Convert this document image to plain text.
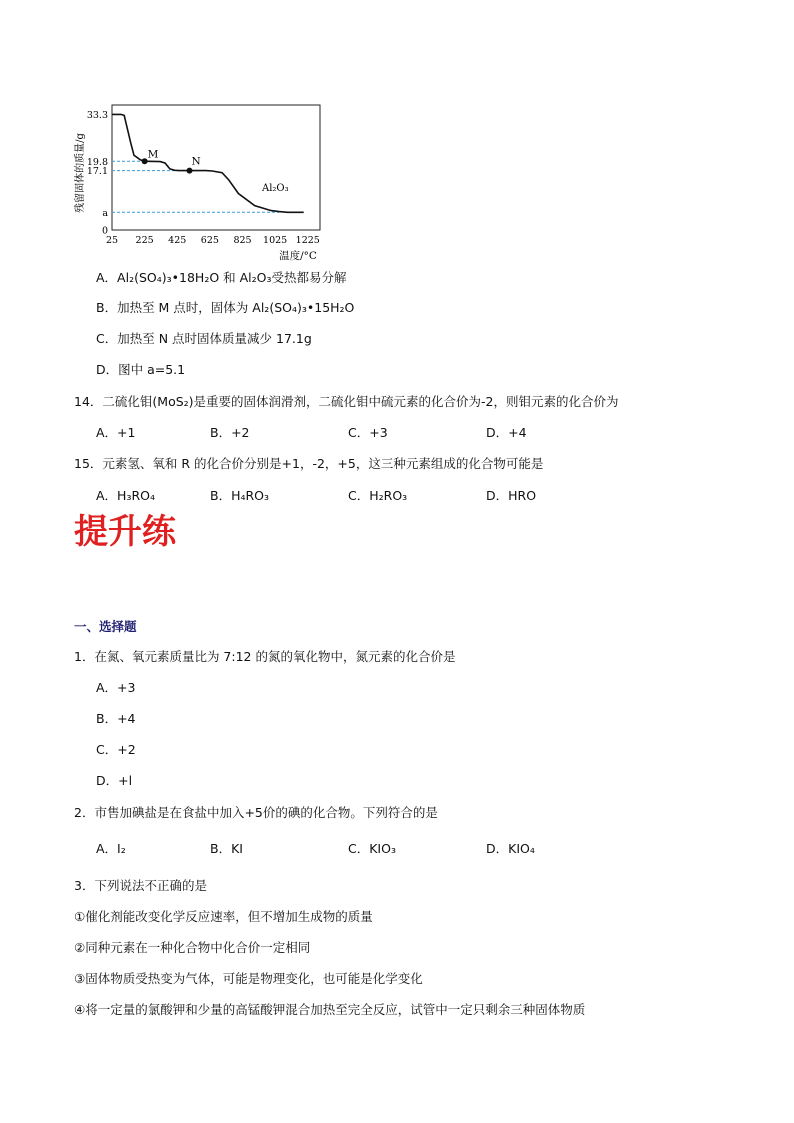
33.3
19.8
17.1
a
0
25 225 425 625 825 1025 1225
M
N
残留固体的质量/g
温度/°C
Al₂O₃
A．Al₂(SO₄)₃•18H₂O 和 Al₂O₃受热都易分解
B．加热至 M 点时，固体为 Al₂(SO₄)₃•15H₂O
C．加热至 N 点时固体质量减少 17.1g
D．图中 a=5.1
14．二硫化钼(MoS₂)是重要的固体润滑剂，二硫化钼中硫元素的化合价为-2，则钼元素的化合价为
A．+1	B．+2	C．+3	D．+4
15．元素氢、氧和 R 的化合价分别是+1，-2，+5，这三种元素组成的化合物可能是
A．H₃RO₄	B．H₄RO₃	C．H₂RO₃	D．HRO
提升练
一、选择题
1．在氮、氧元素质量比为 7:12 的氮的氧化物中，氮元素的化合价是
A．+3
B．+4
C．+2
D．+l
2．市售加碘盐是在食盐中加入+5价的碘的化合物。下列符合的是
A．I₂	B．KI	C．KIO₃	D．KIO₄
3．下列说法不正确的是
①催化剂能改变化学反应速率，但不增加生成物的质量
②同种元素在一种化合物中化合价一定相同
③固体物质受热变为气体，可能是物理变化，也可能是化学变化
④将一定量的氯酸钾和少量的高锰酸钾混合加热至完全反应，试管中一定只剩余三种固体物质
